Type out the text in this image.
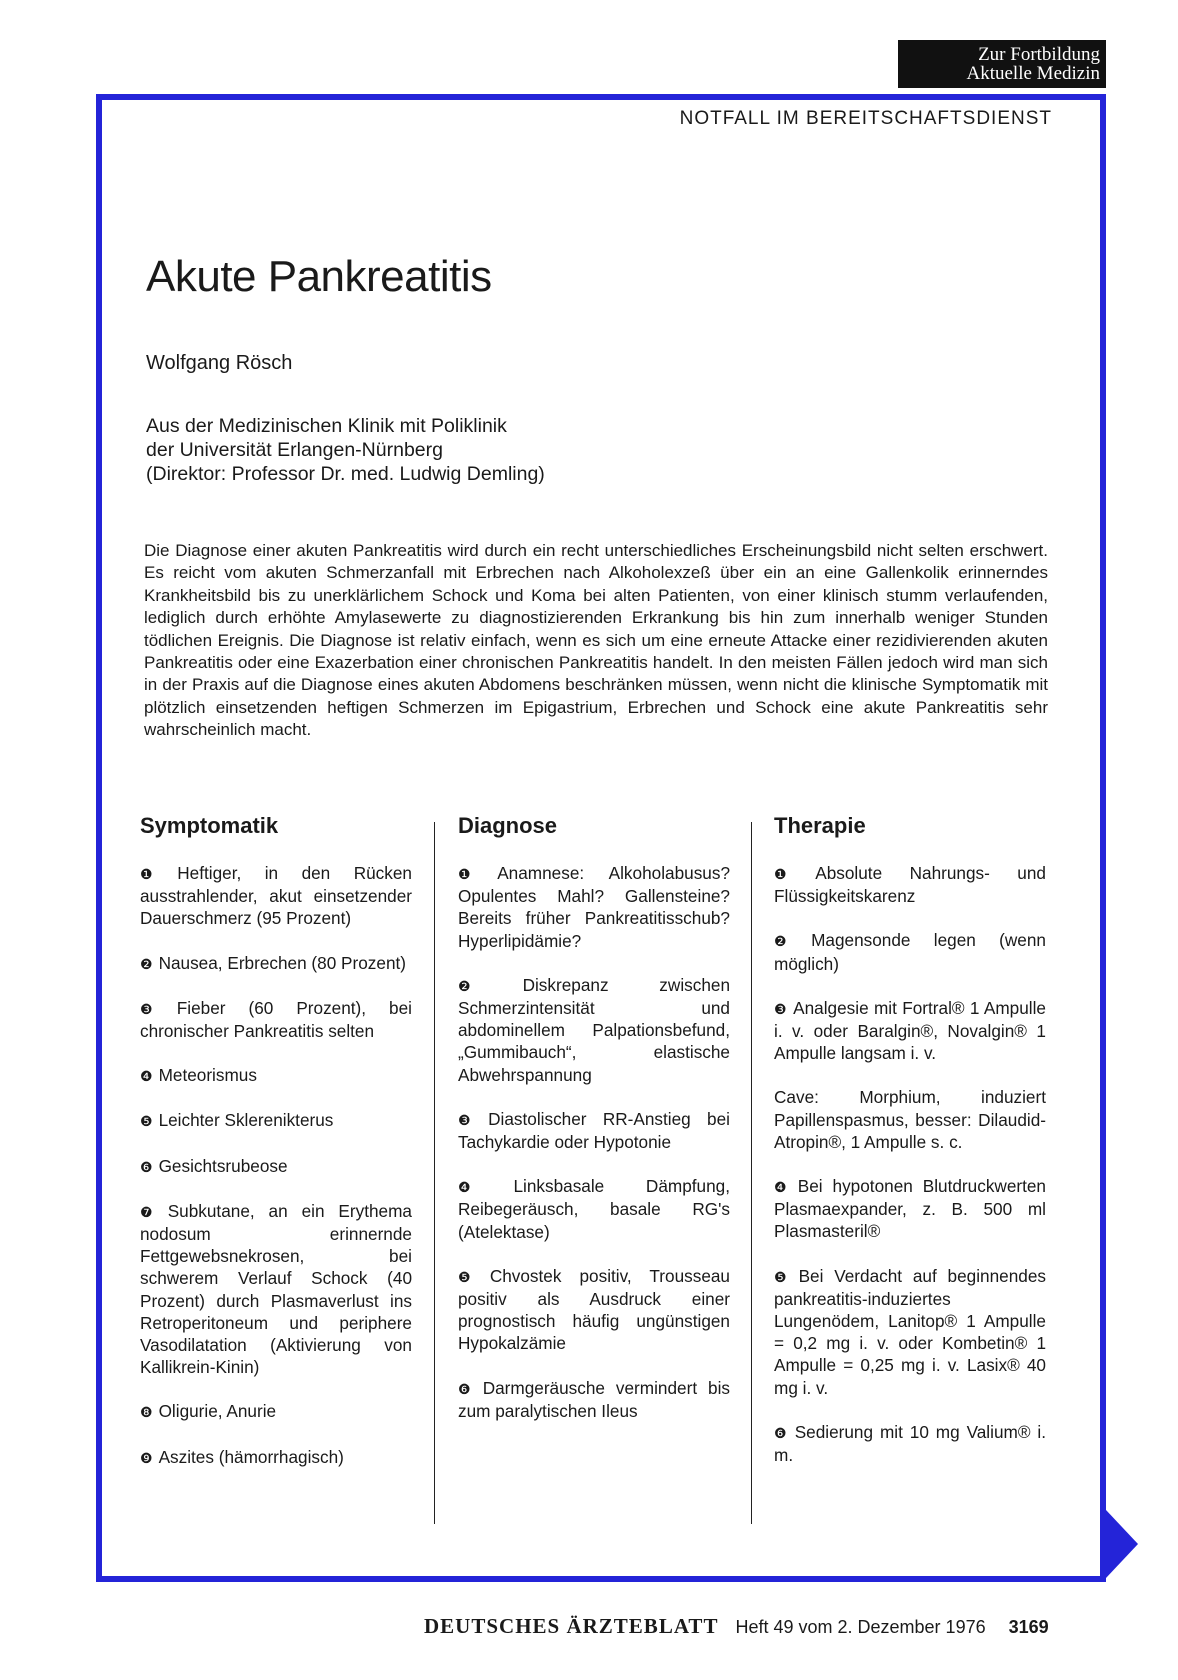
Zur Fortbildung
Aktuelle Medizin
NOTFALL IM BEREITSCHAFTSDIENST
Akute Pankreatitis
Wolfgang Rösch
Aus der Medizinischen Klinik mit Poliklinik
der Universität Erlangen-Nürnberg
(Direktor: Professor Dr. med. Ludwig Demling)

Die Diagnose einer akuten Pankreatitis wird durch ein recht unterschiedliches Erscheinungsbild nicht selten erschwert. Es reicht vom akuten Schmerzanfall mit Erbrechen nach Alkoholexzeß über ein an eine Gallenkolik erinnerndes Krankheitsbild bis zu unerklärlichem Schock und Koma bei alten Patienten, von einer klinisch stumm verlaufenden, lediglich durch erhöhte Amylasewerte zu diagnostizierenden Erkrankung bis hin zum innerhalb weniger Stunden tödlichen Ereignis. Die Diagnose ist relativ einfach, wenn es sich um eine erneute Attacke einer rezidivierenden akuten Pankreatitis oder eine Exazerbation einer chronischen Pankreatitis handelt. In den meisten Fällen jedoch wird man sich in der Praxis auf die Diagnose eines akuten Abdomens beschränken müssen, wenn nicht die klinische Symptomatik mit plötzlich einsetzenden heftigen Schmerzen im Epigastrium, Erbrechen und Schock eine akute Pankreatitis sehr wahrscheinlich macht.

Symptomatik
❶ Heftiger, in den Rücken ausstrahlender, akut einsetzender Dauerschmerz (95 Prozent)
❷ Nausea, Erbrechen (80 Prozent)
❸ Fieber (60 Prozent), bei chronischer Pankreatitis selten
❹ Meteorismus
❺ Leichter Sklerenikterus
❻ Gesichtsrubeose
❼ Subkutane, an ein Erythema nodosum erinnernde Fettgewebsnekrosen, bei schwerem Verlauf Schock (40 Prozent) durch Plasmaverlust ins Retroperitoneum und periphere Vasodilatation (Aktivierung von Kallikrein-Kinin)
❽ Oligurie, Anurie
❾ Aszites (hämorrhagisch)
Diagnose
❶ Anamnese: Alkoholabusus? Opulentes Mahl? Gallensteine? Bereits früher Pankreatitisschub? Hyperlipidämie?
❷ Diskrepanz zwischen Schmerzintensität und abdominellem Palpationsbefund, „Gummibauch“, elastische Abwehrspannung
❸ Diastolischer RR-Anstieg bei Tachykardie oder Hypotonie
❹ Linksbasale Dämpfung, Reibegeräusch, basale RG's (Atelektase)
❺ Chvostek positiv, Trousseau positiv als Ausdruck einer prognostisch häufig ungünstigen Hypokalzämie
❻ Darmgeräusche vermindert bis zum paralytischen Ileus
Therapie
❶ Absolute Nahrungs- und Flüssigkeitskarenz
❷ Magensonde legen (wenn möglich)
❸ Analgesie mit Fortral® 1 Ampulle i. v. oder Baralgin®, Novalgin® 1 Ampulle langsam i. v.
Cave: Morphium, induziert Papillenspasmus, besser: Dilaudid-Atropin®, 1 Ampulle s. c.
❹ Bei hypotonen Blutdruckwerten Plasmaexpander, z. B. 500 ml Plasmasteril®
❺ Bei Verdacht auf beginnendes pankreatitis-induziertes Lungenödem, Lanitop® 1 Ampulle = 0,2 mg i. v. oder Kombetin® 1 Ampulle = 0,25 mg i. v. Lasix® 40 mg i. v.
❻ Sedierung mit 10 mg Valium® i. m.
DEUTSCHES ÄRZTEBLATT Heft 49 vom 2. Dezember 1976 3169
